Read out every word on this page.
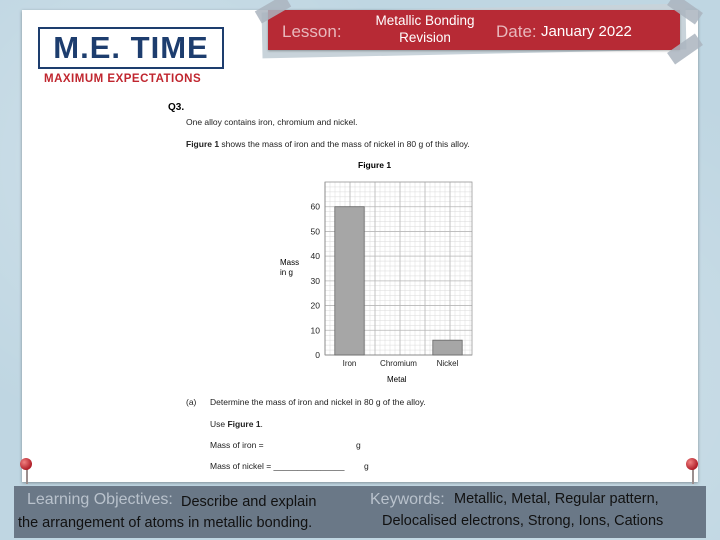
M.E. TIME
MAXIMUM EXPECTATIONS
Lesson:
Metallic Bonding
Revision	Date: January 2022
Q3.
One alloy contains iron, chromium and nickel.
Figure 1 shows the mass of iron and the mass of nickel in 80 g of this alloy.
Figure 1
Mass
in g
0
10
20
30
40
50
60
Iron	Chromium Nickel
Metal
(a) Determine the mass of iron and nickel in 80 g of the alloy.
Use Figure 1.
Mass of iron =	g
Mass of nickel = _______________ g
Learning Objectives: Describe and explain
the arrangement of atoms in metallic bonding.
Keywords: Metallic, Metal, Regular pattern,
Delocalised electrons, Strong, Ions, Cations
